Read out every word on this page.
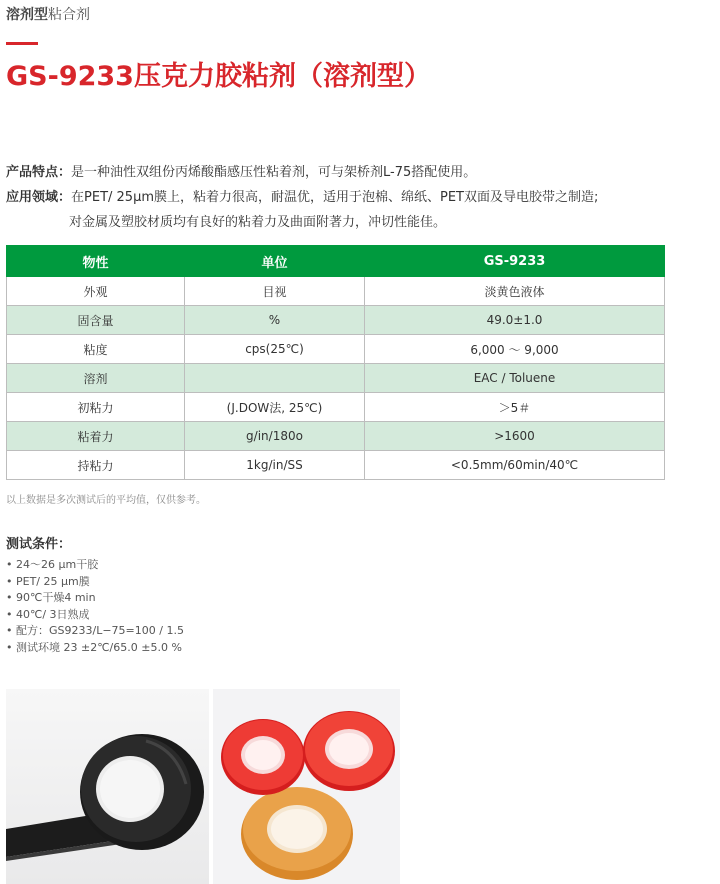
溶剂型粘合剂
GS-9233压克力胶粘剂（溶剂型）
产品特点： 是一种油性双组份丙烯酸酯感压性粘着剂，可与架桥剂L-75搭配使用。
应用领域： 在PET/ 25μm膜上，粘着力很高，耐温优，适用于泡棉、绵纸、PET双面及导电胶带之制造;
对金属及塑胶材质均有良好的粘着力及曲面附著力，冲切性能佳。
物性	单位	GS-9233
外观	目视	淡黄色液体
固含量	%	49.0±1.0
粘度	cps(25℃)	6,000 ～ 9,000
溶剂		EAC / Toluene
初粘力	(J.DOW法, 25℃)	＞5＃
粘着力	g/in/180o	>1600
持粘力	1kg/in/SS	<0.5mm/60min/40℃
以上数据是多次测试后的平均值，仅供参考。
测试条件：
• 24～26 μm干胶
• PET/ 25 μm膜
• 90℃干燥4 min
• 40℃/ 3日熟成
• 配方：GS9233/L−75=100 / 1.5
• 测试环境 23 ±2℃/65.0 ±5.0 %
